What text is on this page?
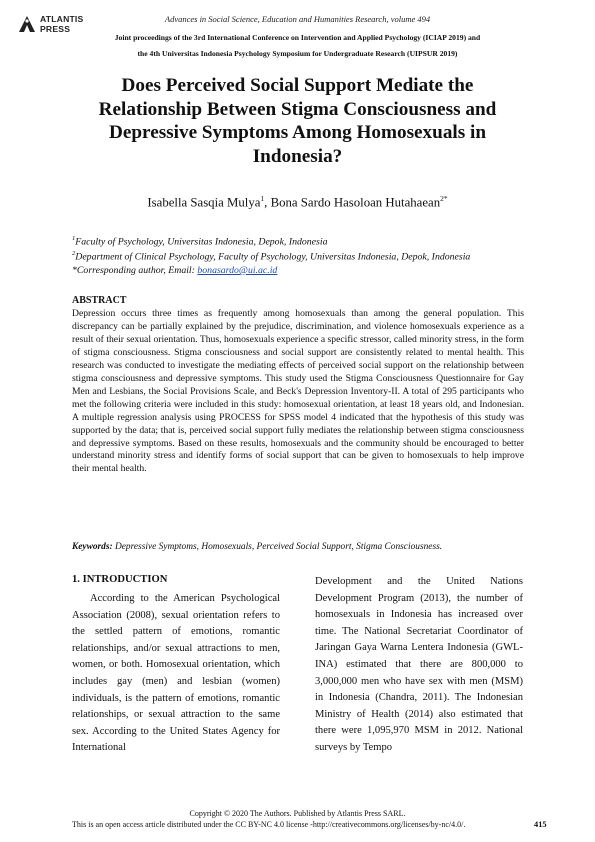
ATLANTIS
PRESS
Advances in Social Science, Education and Humanities Research, volume 494
Joint proceedings of the 3rd International Conference on Intervention and Applied Psychology (ICIAP 2019) and
the 4th Universitas Indonesia Psychology Symposium for Undergraduate Research (UIPSUR 2019)
Does Perceived Social Support Mediate the Relationship Between Stigma Consciousness and Depressive Symptoms Among Homosexuals in Indonesia?
Isabella Sasqia Mulya$^1$, Bona Sardo Hasoloan Hutahaean$^{2*}$
$^1$Faculty of Psychology, Universitas Indonesia, Depok, Indonesia
$^2$Department of Clinical Psychology, Faculty of Psychology, Universitas Indonesia, Depok, Indonesia
*Corresponding author, Email: bonasardo@ui.ac.id
ABSTRACT

Depression occurs three times as frequently among homosexuals than among the general population. This discrepancy can be partially explained by the prejudice, discrimination, and violence homosexuals experience as a result of their sexual orientation. Thus, homosexuals experience a specific stressor, called minority stress, in the form of stigma consciousness. Stigma consciousness and social support are consistently related to mental health. This research was conducted to investigate the mediating effects of perceived social support on the relationship between stigma consciousness and depressive symptoms. This study used the Stigma Consciousness Questionnaire for Gay Men and Lesbians, the Social Provisions Scale, and Beck's Depression Inventory-II. A total of 295 participants who met the following criteria were included in this study: homosexual orientation, at least 18 years old, and Indonesian. A multiple regression analysis using PROCESS for SPSS model 4 indicated that the hypothesis of this study was supported by the data; that is, perceived social support fully mediates the relationship between stigma consciousness and depressive symptoms. Based on these results, homosexuals and the community should be encouraged to better understand minority stress and identify forms of social support that can be given to homosexuals to help improve their mental health.

Keywords: Depressive Symptoms, Homosexuals, Perceived Social Support, Stigma Consciousness.
1. INTRODUCTION

According to the American Psychological Association (2008), sexual orientation refers to the settled pattern of emotions, romantic relationships, and/or sexual attractions to men, women, or both. Homosexual orientation, which includes gay (men) and lesbian (women) individuals, is the pattern of emotions, romantic relationships, or sexual attraction to the same sex. According to the United States Agency for International

Development and the United Nations Development Program (2013), the number of homosexuals in Indonesia has increased over time. The National Secretariat Coordinator of Jaringan Gaya Warna Lentera Indonesia (GWL-INA) estimated that there are 800,000 to 3,000,000 men who have sex with men (MSM) in Indonesia (Chandra, 2011). The Indonesian Ministry of Health (2014) also estimated that there were 1,095,970 MSM in 2012. National surveys by Tempo

Copyright © 2020 The Authors. Published by Atlantis Press SARL.
This is an open access article distributed under the CC BY-NC 4.0 license -http://creativecommons.org/licenses/by-nc/4.0/.	415
